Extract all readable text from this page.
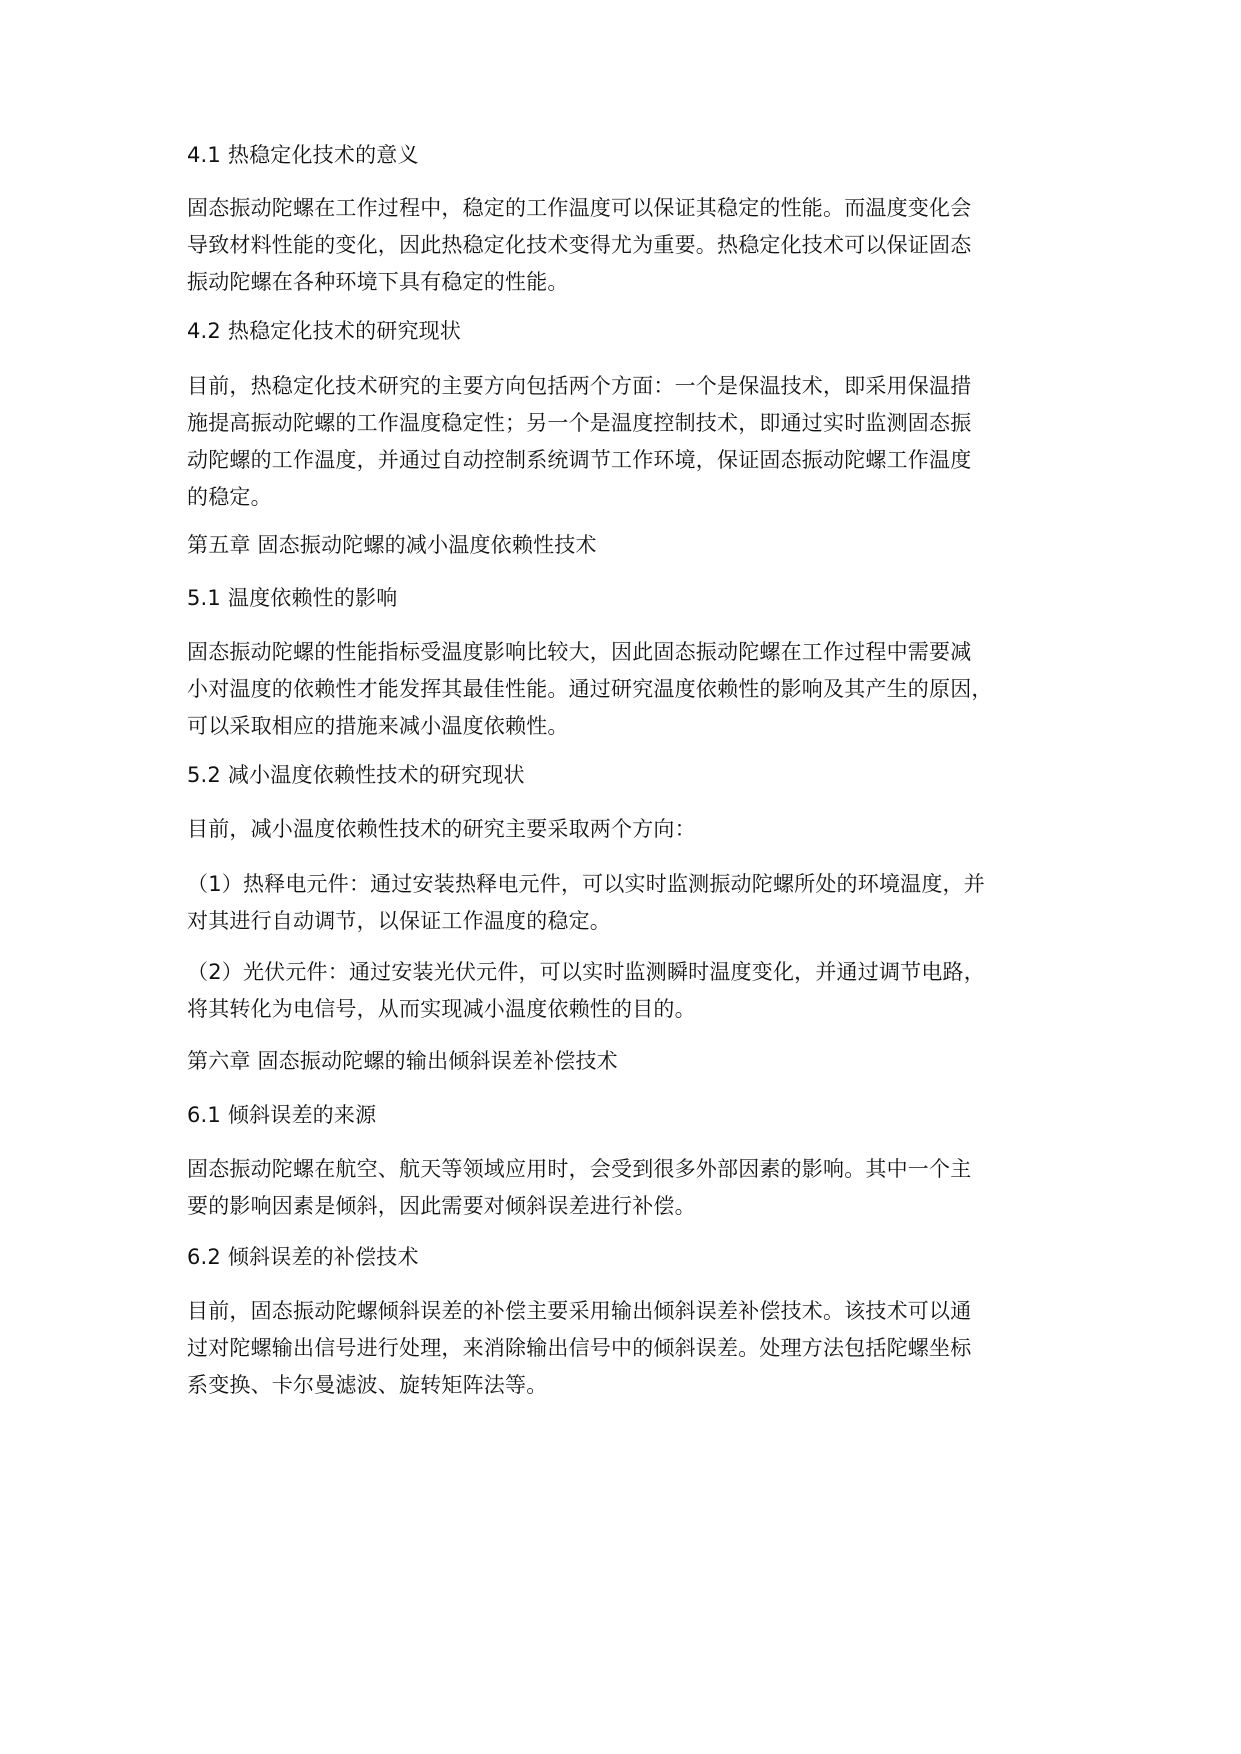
4.1 热稳定化技术的意义
固态振动陀螺在工作过程中，稳定的工作温度可以保证其稳定的性能。而温度变化会
导致材料性能的变化，因此热稳定化技术变得尤为重要。热稳定化技术可以保证固态
振动陀螺在各种环境下具有稳定的性能。
4.2 热稳定化技术的研究现状
目前，热稳定化技术研究的主要方向包括两个方面：一个是保温技术，即采用保温措
施提高振动陀螺的工作温度稳定性；另一个是温度控制技术，即通过实时监测固态振
动陀螺的工作温度，并通过自动控制系统调节工作环境，保证固态振动陀螺工作温度
的稳定。
第五章 固态振动陀螺的减小温度依赖性技术
5.1 温度依赖性的影响
固态振动陀螺的性能指标受温度影响比较大，因此固态振动陀螺在工作过程中需要减
小对温度的依赖性才能发挥其最佳性能。通过研究温度依赖性的影响及其产生的原因，
可以采取相应的措施来减小温度依赖性。
5.2 减小温度依赖性技术的研究现状
目前，减小温度依赖性技术的研究主要采取两个方向：
（1）热释电元件：通过安装热释电元件，可以实时监测振动陀螺所处的环境温度，并
对其进行自动调节，以保证工作温度的稳定。
（2）光伏元件：通过安装光伏元件，可以实时监测瞬时温度变化，并通过调节电路，
将其转化为电信号，从而实现减小温度依赖性的目的。
第六章 固态振动陀螺的输出倾斜误差补偿技术
6.1 倾斜误差的来源
固态振动陀螺在航空、航天等领域应用时，会受到很多外部因素的影响。其中一个主
要的影响因素是倾斜，因此需要对倾斜误差进行补偿。
6.2 倾斜误差的补偿技术
目前，固态振动陀螺倾斜误差的补偿主要采用输出倾斜误差补偿技术。该技术可以通
过对陀螺输出信号进行处理，来消除输出信号中的倾斜误差。处理方法包括陀螺坐标
系变换、卡尔曼滤波、旋转矩阵法等。
